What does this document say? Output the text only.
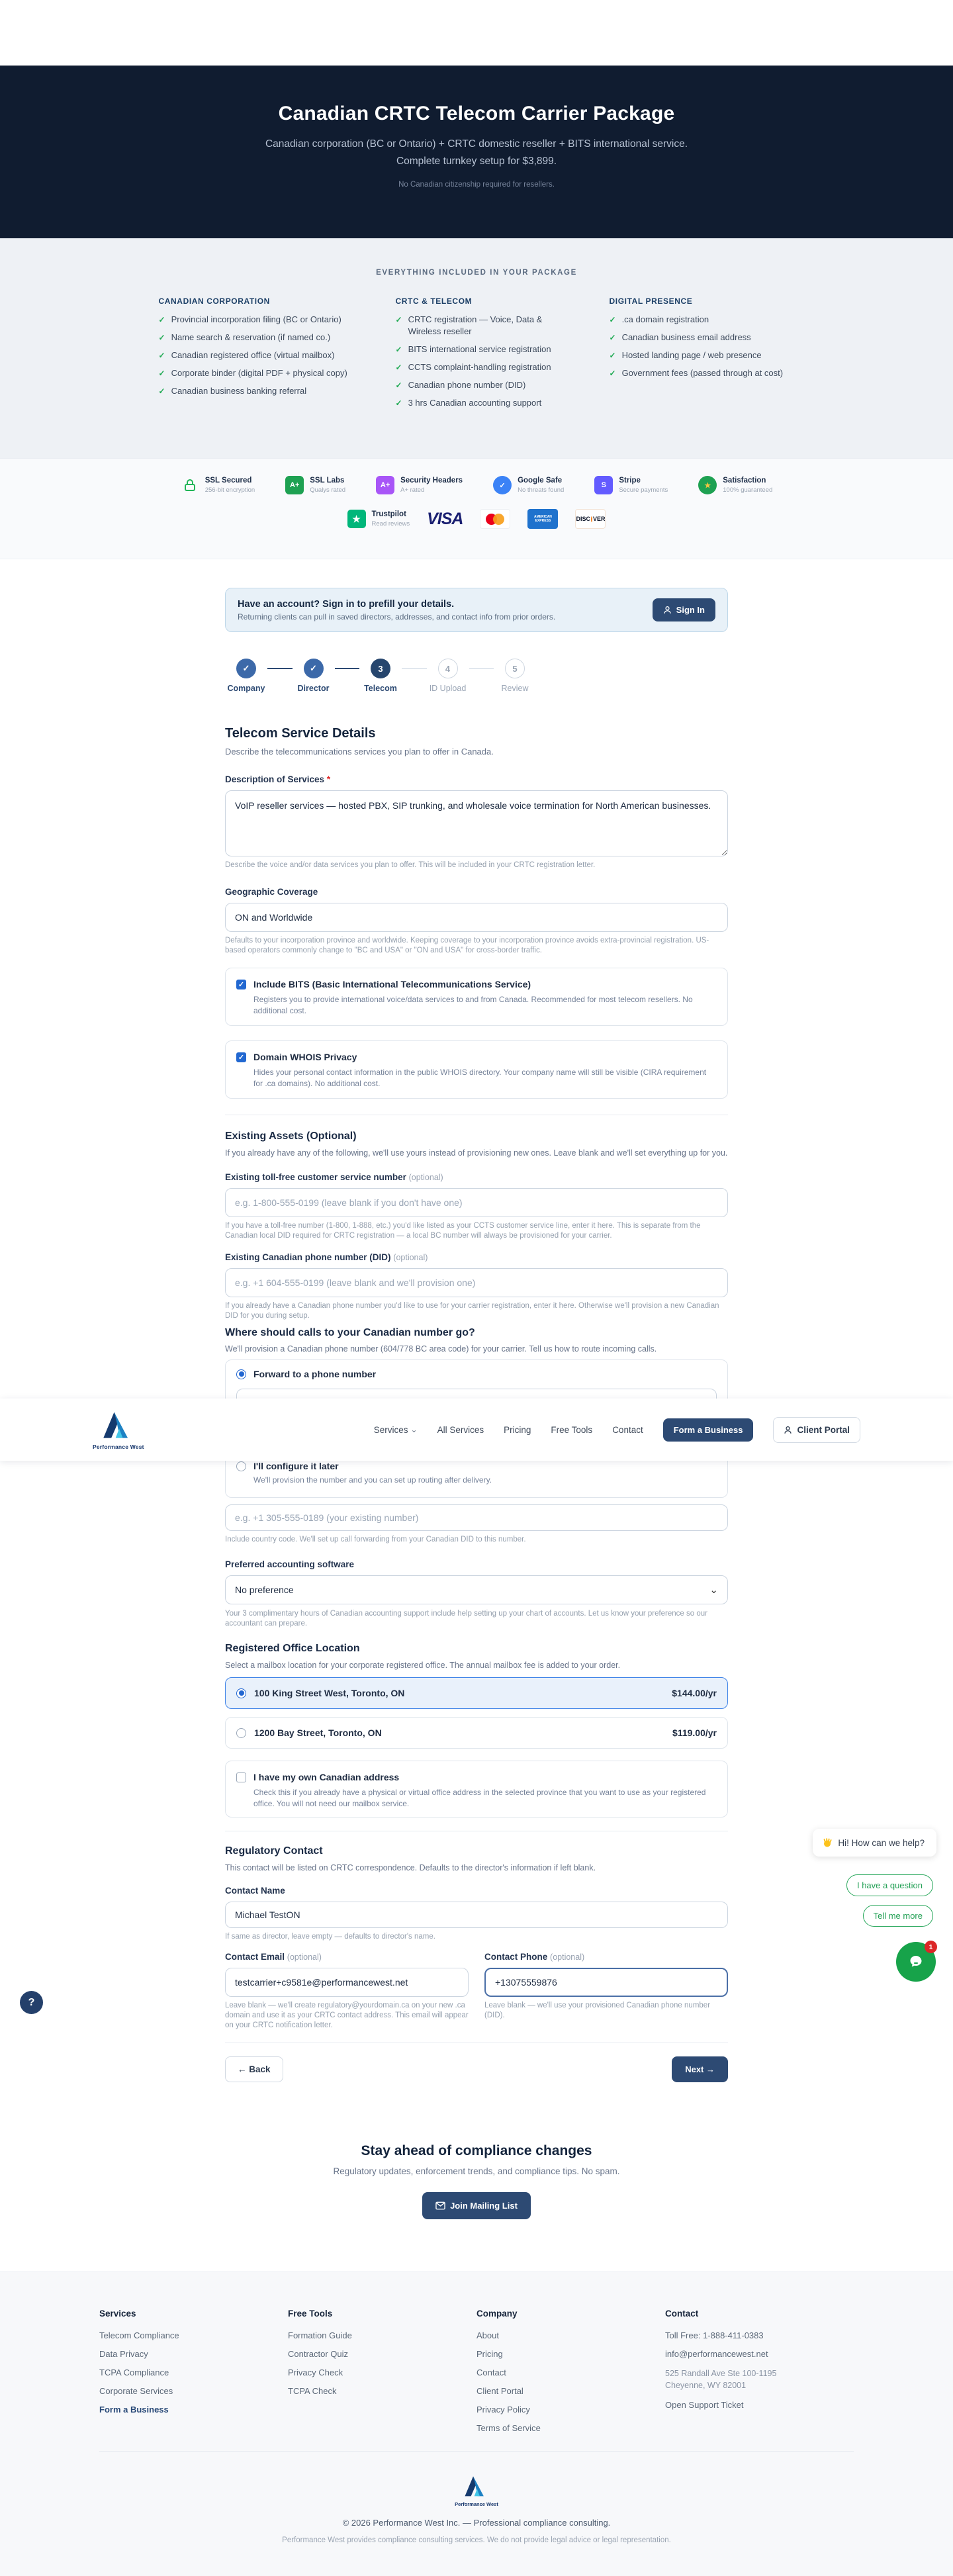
Canadian CRTC Telecom Carrier Package
Canadian corporation (BC or Ontario) + CRTC domestic reseller + BITS international service. Complete turnkey setup for $3,899.
No Canadian citizenship required for resellers.
EVERYTHING INCLUDED IN YOUR PACKAGE
CANADIAN CORPORATION
✓ Provincial incorporation filing (BC or Ontario)
✓ Name search & reservation (if named co.)
✓ Canadian registered office (virtual mailbox)
✓ Corporate binder (digital PDF + physical copy)
✓ Canadian business banking referral
CRTC & TELECOM
✓ CRTC registration — Voice, Data & Wireless reseller
✓ BITS international service registration
✓ CCTS complaint-handling registration
✓ Canadian phone number (DID)
✓ 3 hrs Canadian accounting support
DIGITAL PRESENCE
✓ .ca domain registration
✓ Canadian business email address
✓ Hosted landing page / web presence
✓ Government fees (passed through at cost)
SSL Secured
256-bit encryption
A+
SSL Labs
Qualys rated
A+
Security Headers
A+ rated
✓
Google Safe
No threats found
S
Stripe
Secure payments
★
Satisfaction
100% guaranteed
★	Trustpilot
Read reviews VISA	AMERICAN EXPRESS	DISC VER
Have an account? Sign in to prefill your details.

Returning clients can pull in saved directors, addresses, and contact info from prior orders.

Sign In
✓
Company
✓
Director
3
Telecom
4
ID Upload
5
Review
Telecom Service Details
Describe the telecommunications services you plan to offer in Canada.
Description of Services *
VoIP reseller services — hosted PBX, SIP trunking, and wholesale voice termination for North American businesses.
Describe the voice and/or data services you plan to offer. This will be included in your CRTC registration letter.
Geographic Coverage
ON and Worldwide
Defaults to your incorporation province and worldwide. Keeping coverage to your incorporation province avoids extra-provincial registration. US-based operators commonly change to "BC and USA" or "ON and USA" for cross-border traffic.
✓
Include BITS (Basic International Telecommunications Service)

Registers you to provide international voice/data services to and from Canada. Recommended for most telecom resellers. No additional cost.

✓
Domain WHOIS Privacy

Hides your personal contact information in the public WHOIS directory. Your company name will still be visible (CIRA requirement for .ca domains). No additional cost.

Existing Assets (Optional)
If you already have any of the following, we'll use yours instead of provisioning new ones. Leave blank and we'll set everything up for you.
Existing toll-free customer service number (optional)
e.g. 1-800-555-0199 (leave blank if you don't have one)
If you have a toll-free number (1-800, 1-888, etc.) you'd like listed as your CCTS customer service line, enter it here. This is separate from the Canadian local DID required for CRTC registration — a local BC number will always be provisioned for your carrier.
Existing Canadian phone number (DID) (optional)
e.g. +1 604-555-0199 (leave blank and we'll provision one)
If you already have a Canadian phone number you'd like to use for your carrier registration, enter it here. Otherwise we'll provision a new Canadian DID for you during setup.
Where should calls to your Canadian number go?
We'll provision a Canadian phone number (604/778 BC area code) for your carrier. Tell us how to route incoming calls.
Forward to a phone number
I'll configure it later

We'll provision the number and you can set up routing after delivery.

e.g. +1 305-555-0189 (your existing number)
Include country code. We'll set up call forwarding from your Canadian DID to this number.
Preferred accounting software
No preference	⌄
Your 3 complimentary hours of Canadian accounting support include help setting up your chart of accounts. Let us know your preference so our accountant can prepare.
Registered Office Location
Select a mailbox location for your corporate registered office. The annual mailbox fee is added to your order.
100 King Street West, Toronto, ON	$144.00/yr
1200 Bay Street, Toronto, ON	$119.00/yr
I have my own Canadian address

Check this if you already have a physical or virtual office address in the selected province that you want to use as your registered office. You will not need our mailbox service.

Regulatory Contact
This contact will be listed on CRTC correspondence. Defaults to the director's information if left blank.
Contact Name
Michael TestON
If same as director, leave empty — defaults to director's name.
Contact Email (optional)
testcarrier+c9581e@performancewest.net
Leave blank — we'll create regulatory@yourdomain.ca on your new .ca domain and use it as your CRTC contact address. This email will appear on your CRTC notification letter.
Contact Phone (optional)
+13075559876
Leave blank — we'll use your provisioned Canadian phone number (DID).
← Back	Next →
Stay ahead of compliance changes
Regulatory updates, enforcement trends, and compliance tips. No spam.
Join Mailing List
Services
Telecom Compliance
Data Privacy
TCPA Compliance
Corporate Services
Form a Business
Free Tools
Formation Guide
Contractor Quiz
Privacy Check
TCPA Check
Company
About
Pricing
Contact
Client Portal
Privacy Policy
Terms of Service
Contact
Toll Free: 1-888-411-0383
info@performancewest.net
525 Randall Ave Ste 100-1195
Cheyenne, WY 82001
Open Support Ticket
Performance West
© 2026 Performance West Inc. — Professional compliance consulting.
Performance West provides compliance consulting services. We do not provide legal advice or legal representation.
Performance West
Services ⌄ All Services Pricing Free Tools Contact	Form a Business	Client Portal
Hi! How can we help?
I have a question
Tell me more
1
?
